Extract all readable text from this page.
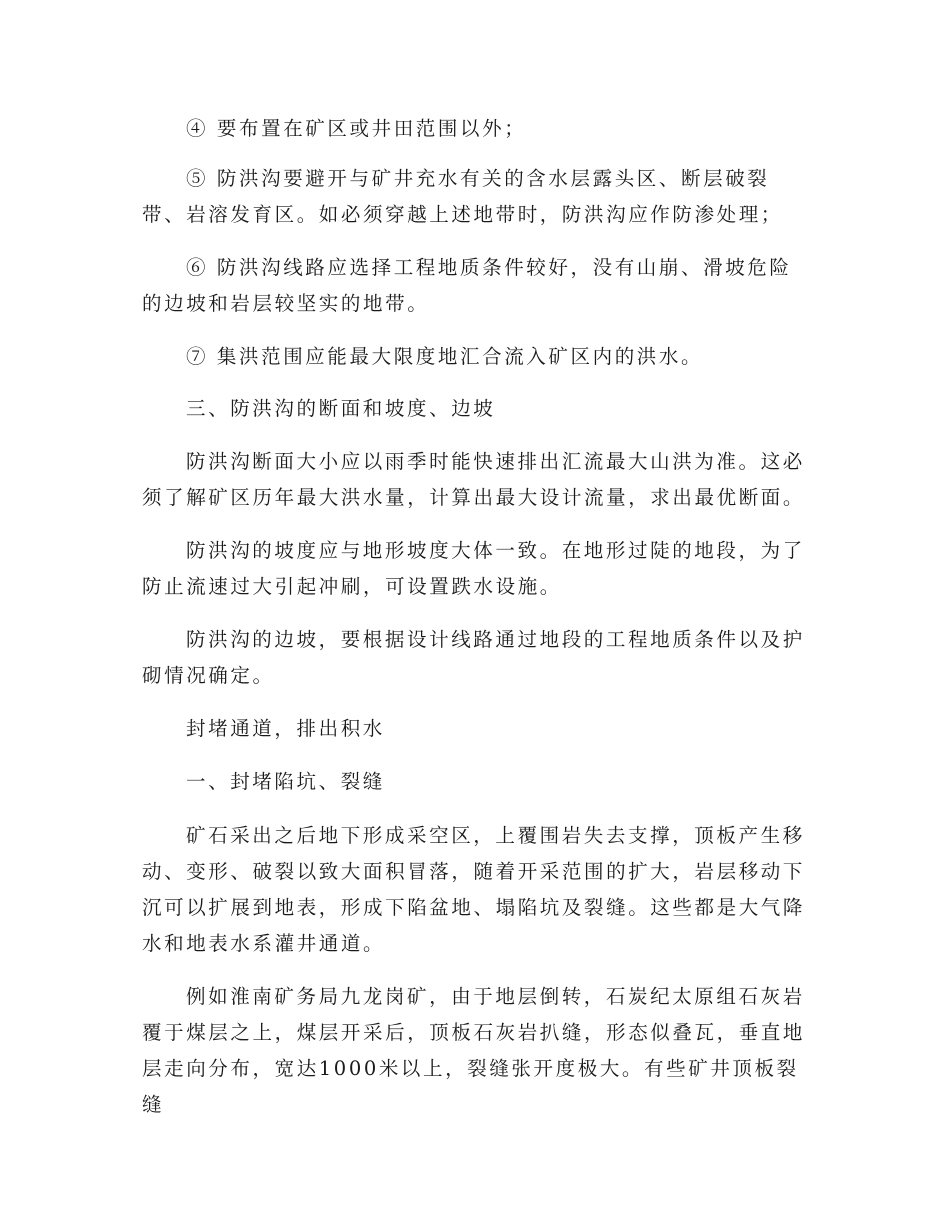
④ 要布置在矿区或井田范围以外；

⑤ 防洪沟要避开与矿井充水有关的含水层露头区、断层破裂带、岩溶发育区。如必须穿越上述地带时，防洪沟应作防渗处理；

⑥ 防洪沟线路应选择工程地质条件较好，没有山崩、滑坡危险的边坡和岩层较坚实的地带。

⑦ 集洪范围应能最大限度地汇合流入矿区内的洪水。

三、防洪沟的断面和坡度、边坡

防洪沟断面大小应以雨季时能快速排出汇流最大山洪为准。这必须了解矿区历年最大洪水量，计算出最大设计流量，求出最优断面。

防洪沟的坡度应与地形坡度大体一致。在地形过陡的地段，为了防止流速过大引起冲刷，可设置跌水设施。

防洪沟的边坡，要根据设计线路通过地段的工程地质条件以及护砌情况确定。

封堵通道，排出积水

一、封堵陷坑、裂缝

矿石采出之后地下形成采空区，上覆围岩失去支撑，顶板产生移动、变形、破裂以致大面积冒落，随着开采范围的扩大，岩层移动下沉可以扩展到地表，形成下陷盆地、塌陷坑及裂缝。这些都是大气降水和地表水系灌井通道。

例如淮南矿务局九龙岗矿，由于地层倒转，石炭纪太原组石灰岩覆于煤层之上，煤层开采后，顶板石灰岩扒缝，形态似叠瓦，垂直地层走向分布，宽达1000米以上，裂缝张开度极大。有些矿井顶板裂缝
